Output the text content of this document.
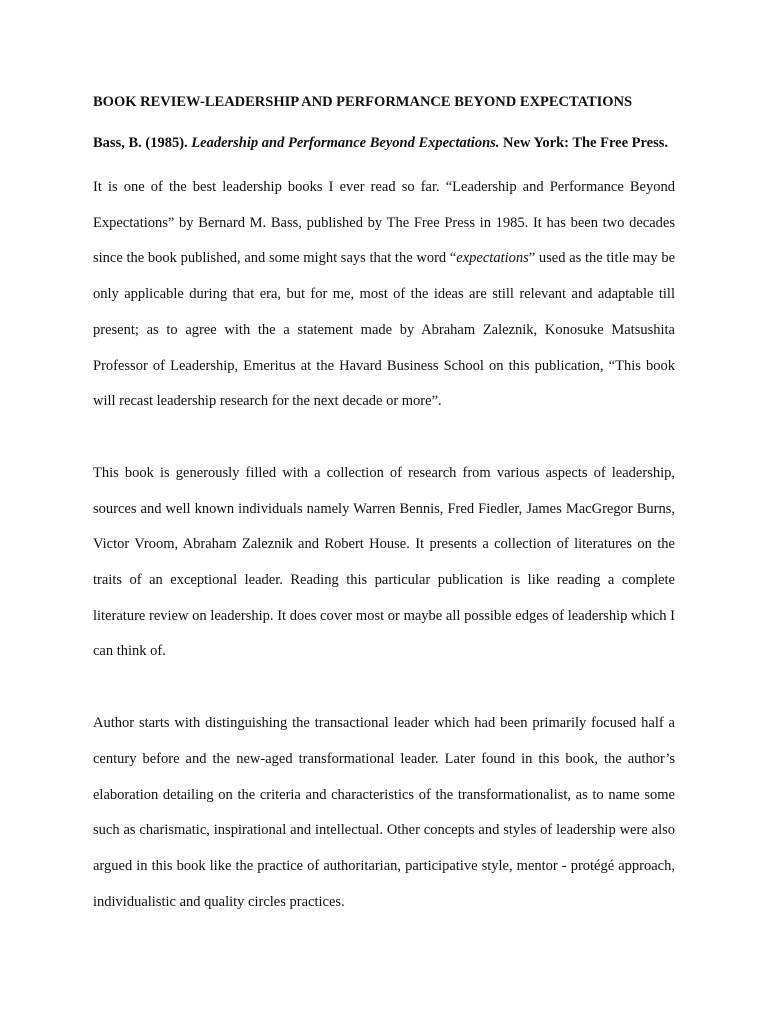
BOOK REVIEW-LEADERSHIP AND PERFORMANCE BEYOND EXPECTATIONS

Bass, B. (1985). Leadership and Performance Beyond Expectations. New York: The Free Press.

It is one of the best leadership books I ever read so far. “Leadership and Performance Beyond Expectations” by Bernard M. Bass, published by The Free Press in 1985. It has been two decades since the book published, and some might says that the word “expectations” used as the title may be only applicable during that era, but for me, most of the ideas are still relevant and adaptable till present; as to agree with the a statement made by Abraham Zaleznik, Konosuke Matsushita Professor of Leadership, Emeritus at the Havard Business School on this publication, “This book will recast leadership research for the next decade or more”.

This book is generously filled with a collection of research from various aspects of leadership, sources and well known individuals namely Warren Bennis, Fred Fiedler, James MacGregor Burns, Victor Vroom, Abraham Zaleznik and Robert House. It presents a collection of literatures on the traits of an exceptional leader. Reading this particular publication is like reading a complete literature review on leadership. It does cover most or maybe all possible edges of leadership which I can think of.

Author starts with distinguishing the transactional leader which had been primarily focused half a century before and the new-aged transformational leader. Later found in this book, the author’s elaboration detailing on the criteria and characteristics of the transformationalist, as to name some such as charismatic, inspirational and intellectual. Other concepts and styles of leadership were also argued in this book like the practice of authoritarian, participative style, mentor - protégé approach, individualistic and quality circles practices.
